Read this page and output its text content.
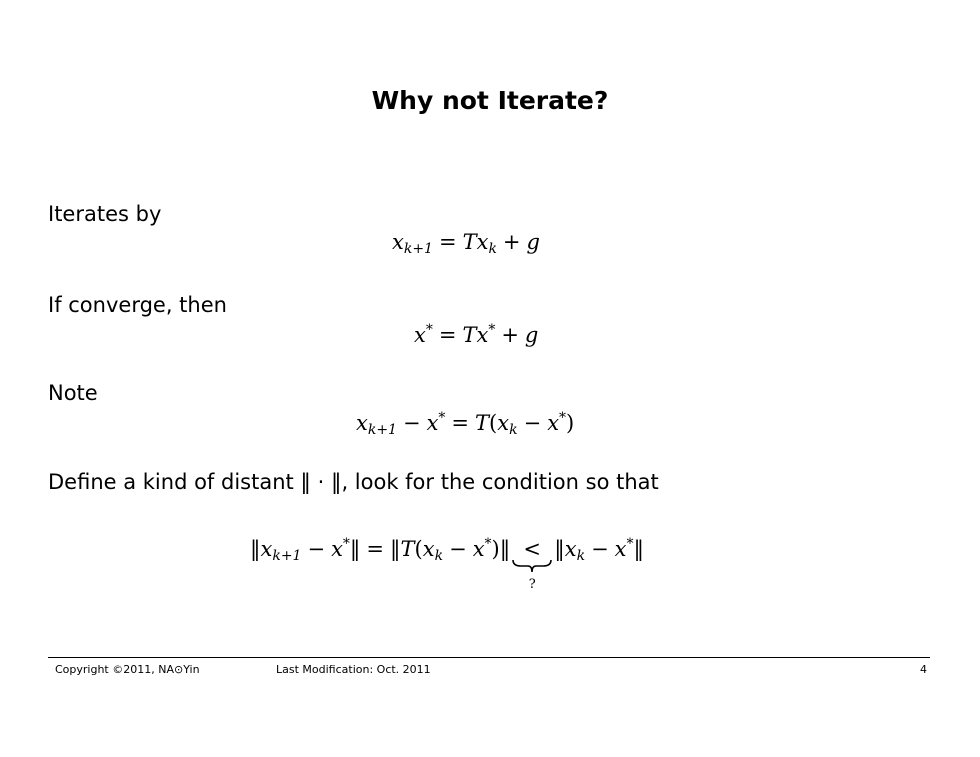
Why not Iterate?
Iterates by
$x_{k+1} = Tx_k + g$
If converge, then
x* = Tx* + g
Note
$x_{k+1} - x^* = T(x_k - x^*)$
Define a kind of distant ‖ · ‖, look for the condition so that
$‖x_{k+1}$ − x*‖ = $‖T(x_k$ − x*)‖ <
?
$‖x_k$ − x*‖
Copyright ©2011, NA⊙Yin	Last Modification: Oct. 2011	4
